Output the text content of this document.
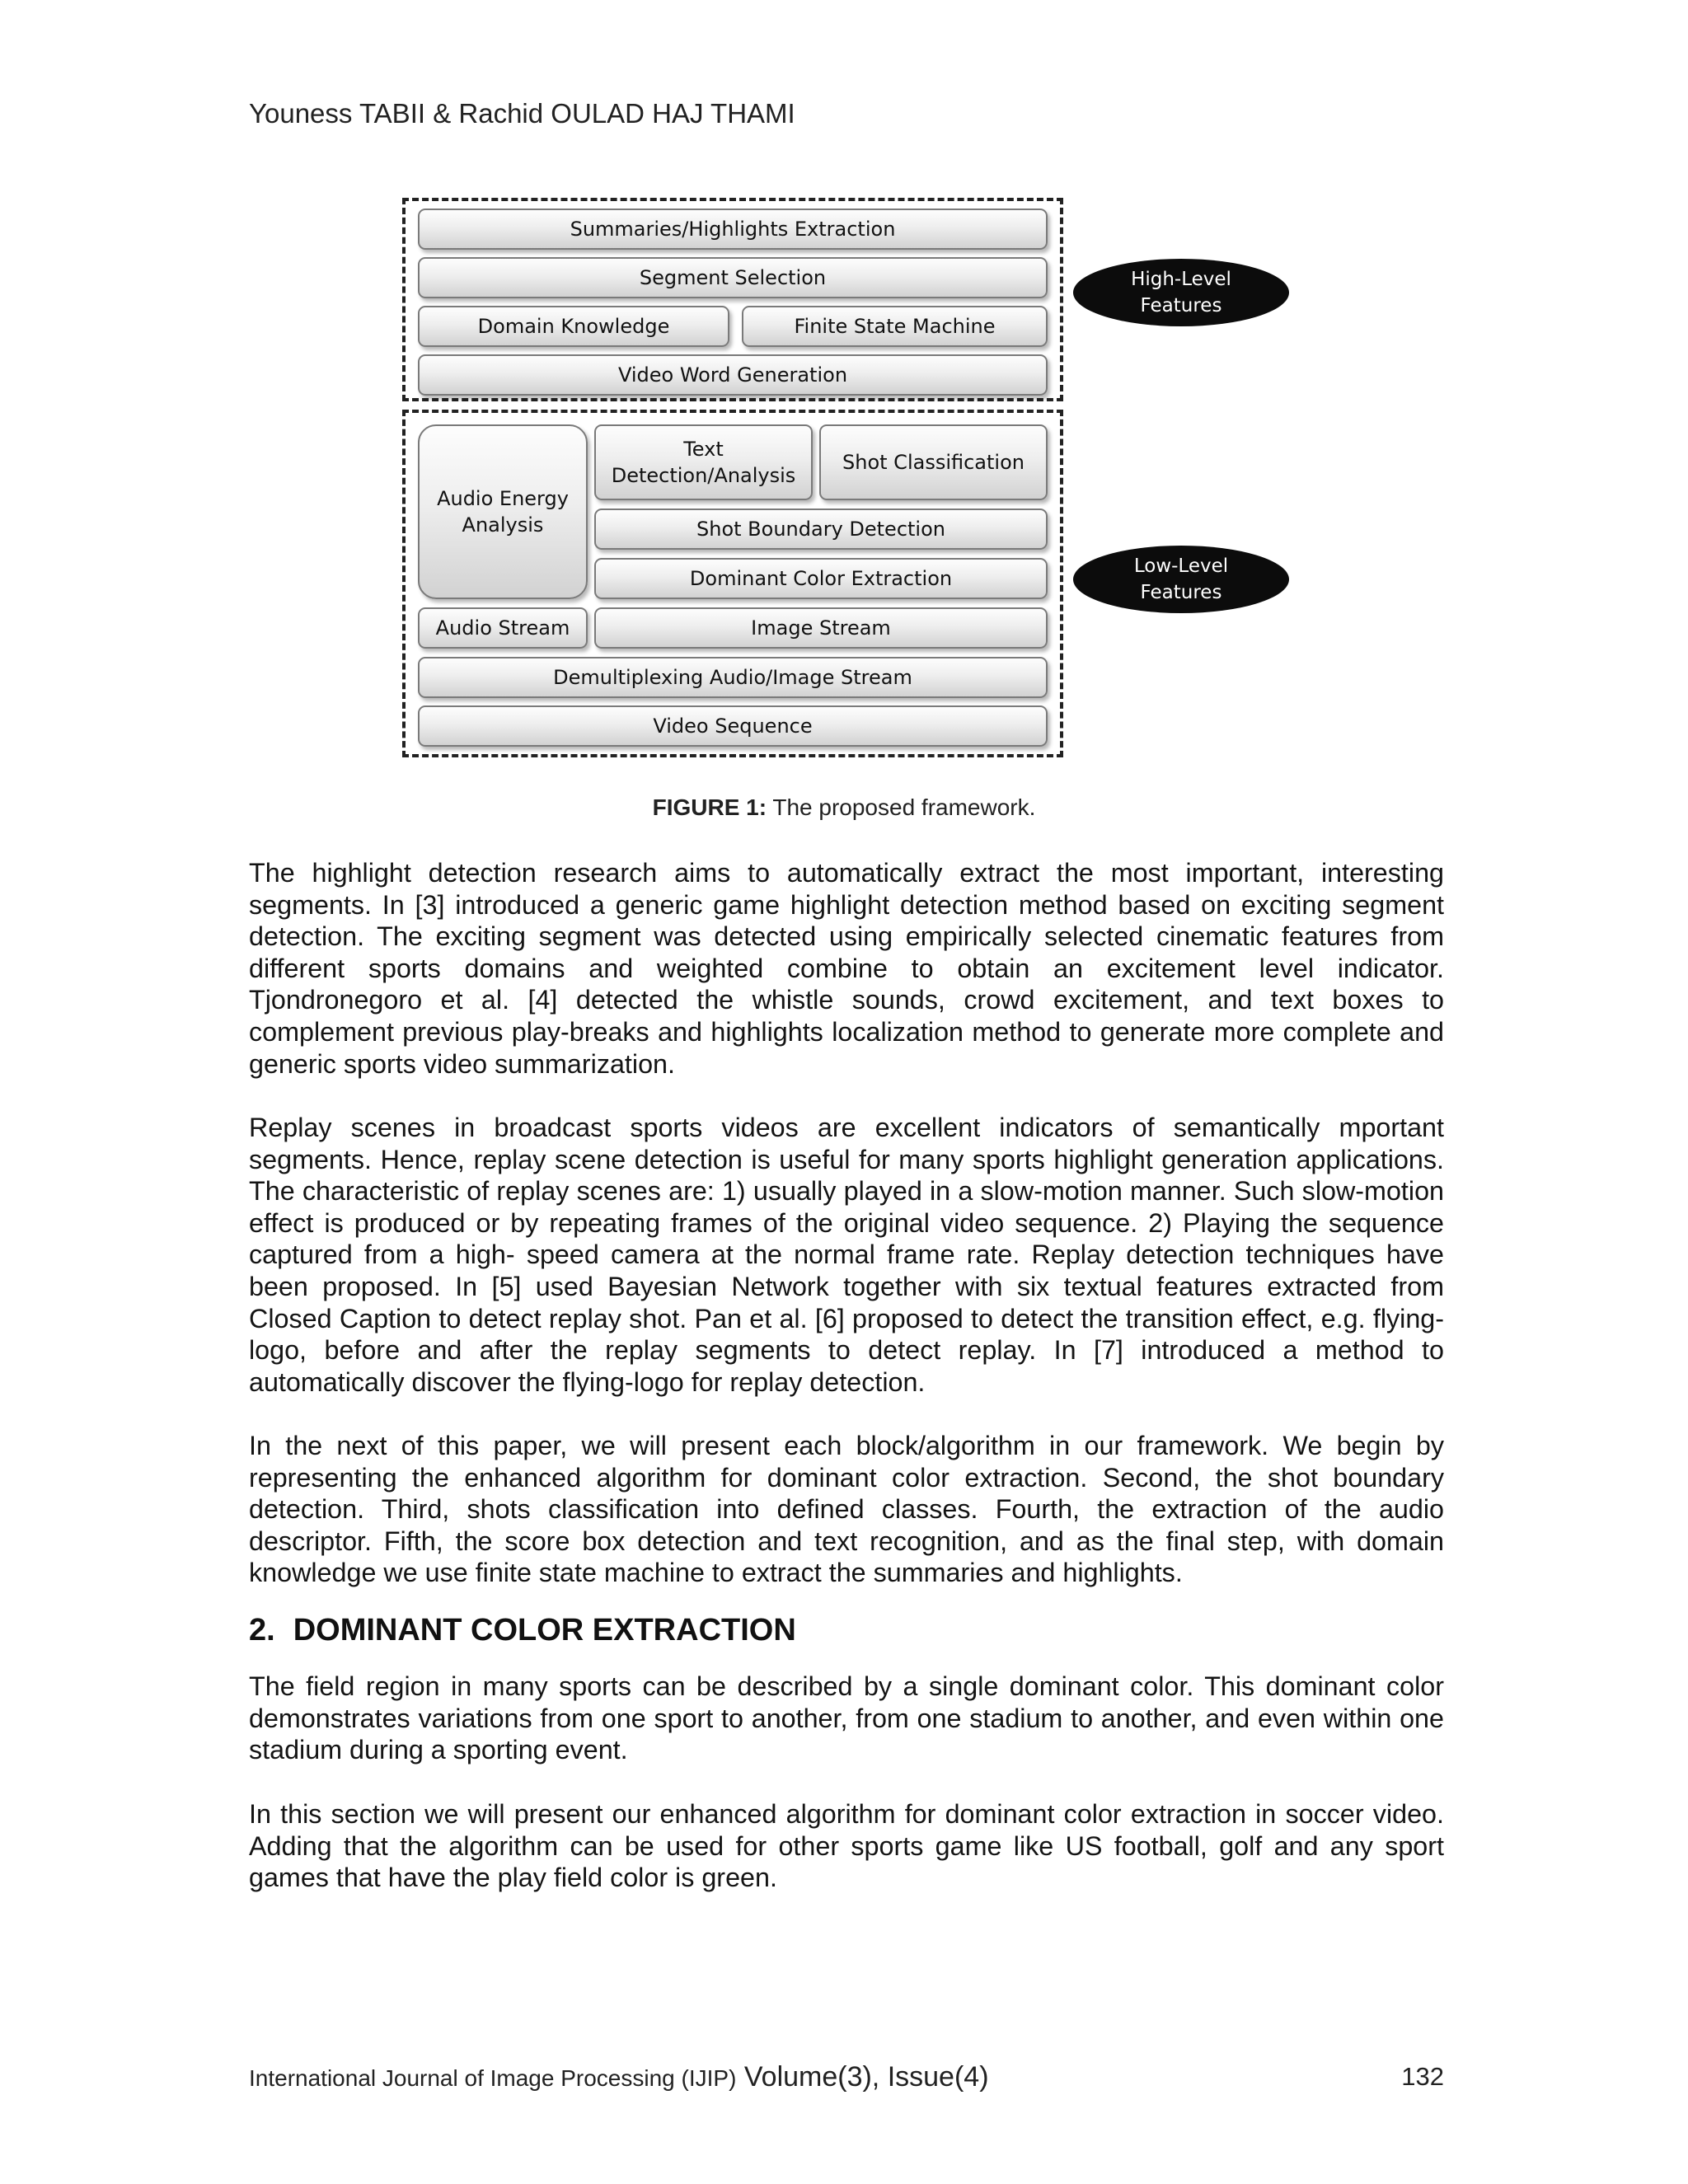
Youness TABII & Rachid OULAD HAJ THAMI
Summaries/Highlights Extraction
Segment Selection
Domain Knowledge	Finite State Machine
Video Word Generation
Audio Energy Analysis
Text Detection/Analysis
Shot Classification
Shot Boundary Detection
Dominant Color Extraction
Audio Stream	Image Stream
Demultiplexing Audio/Image Stream
Video Sequence
High-Level
Features
Low-Level
Features
FIGURE 1: The proposed framework.

The highlight detection research aims to automatically extract the most important, interesting segments. In [3] introduced a generic game highlight detection method based on exciting segment detection. The exciting segment was detected using empirically selected cinematic features from different sports domains and weighted combine to obtain an excitement level indicator. Tjondronegoro et al. [4] detected the whistle sounds, crowd excitement, and text boxes to complement previous play-breaks and highlights localization method to generate more complete and generic sports video summarization.

Replay scenes in broadcast sports videos are excellent indicators of semantically mportant segments. Hence, replay scene detection is useful for many sports highlight generation applications. The characteristic of replay scenes are: 1) usually played in a slow-motion manner. Such slow-motion effect is produced or by repeating frames of the original video sequence. 2) Playing the sequence captured from a high- speed camera at the normal frame rate. Replay detection techniques have been proposed. In [5] used Bayesian Network together with six textual features extracted from Closed Caption to detect replay shot. Pan et al. [6] proposed to detect the transition effect, e.g. flying-logo, before and after the replay segments to detect replay. In [7] introduced a method to automatically discover the flying-logo for replay detection.

In the next of this paper, we will present each block/algorithm in our framework. We begin by representing the enhanced algorithm for dominant color extraction. Second, the shot boundary detection. Third, shots classification into defined classes. Fourth, the extraction of the audio descriptor. Fifth, the score box detection and text recognition, and as the final step, with domain knowledge we use finite state machine to extract the summaries and highlights.

2. DOMINANT COLOR EXTRACTION

The field region in many sports can be described by a single dominant color. This dominant color demonstrates variations from one sport to another, from one stadium to another, and even within one stadium during a sporting event.

In this section we will present our enhanced algorithm for dominant color extraction in soccer video. Adding that the algorithm can be used for other sports game like US football, golf and any sport games that have the play field color is green.

International Journal of Image Processing (IJIP) Volume(3), Issue(4)	132
